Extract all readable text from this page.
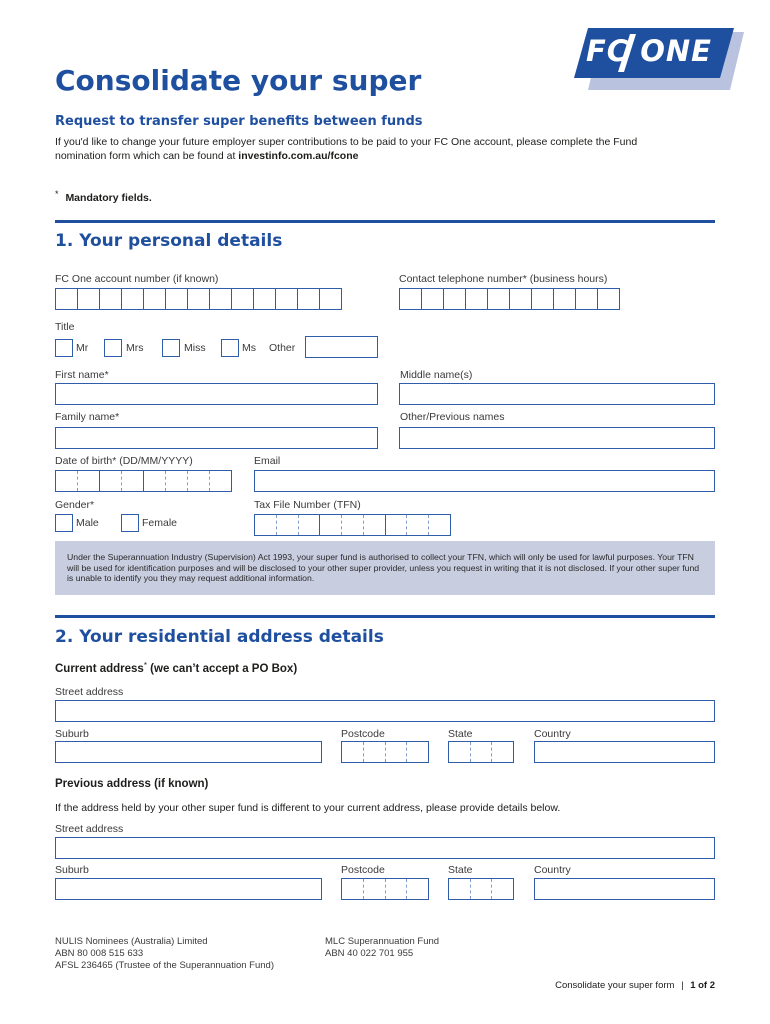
FC ONE
Consolidate your super
Request to transfer super benefits between funds
If you'd like to change your future employer super contributions to be paid to your FC One account, please complete the Fund
nomination form which can be found at investinfo.com.au/fcone
* Mandatory fields.
1. Your personal details
FC One account number (if known)	Contact telephone number* (business hours)
Title
Mr	Mrs	Miss	Ms Other
First name*	Middle name(s)
Family name*	Other/Previous names
Date of birth* (DD/MM/YYYY)	Email
Gender*
Male	Female
Tax File Number (TFN)
Under the Superannuation Industry (Supervision) Act 1993, your super fund is authorised to collect your TFN, which will only be used for lawful purposes. Your TFN will be used for identification purposes and will be disclosed to your other super provider, unless you request in writing that it is not disclosed. If your other super fund is unable to identify you they may request additional information.
2. Your residential address details
Current address* (we can’t accept a PO Box)
Street address
Suburb	Postcode	State	Country
Previous address (if known)
If the address held by your other super fund is different to your current address, please provide details below.
Street address
Suburb	Postcode	State	Country
NULIS Nominees (Australia) Limited
ABN 80 008 515 633
AFSL 236465 (Trustee of the Superannuation Fund)
MLC Superannuation Fund
ABN 40 022 701 955
Consolidate your super form | 1 of 2
